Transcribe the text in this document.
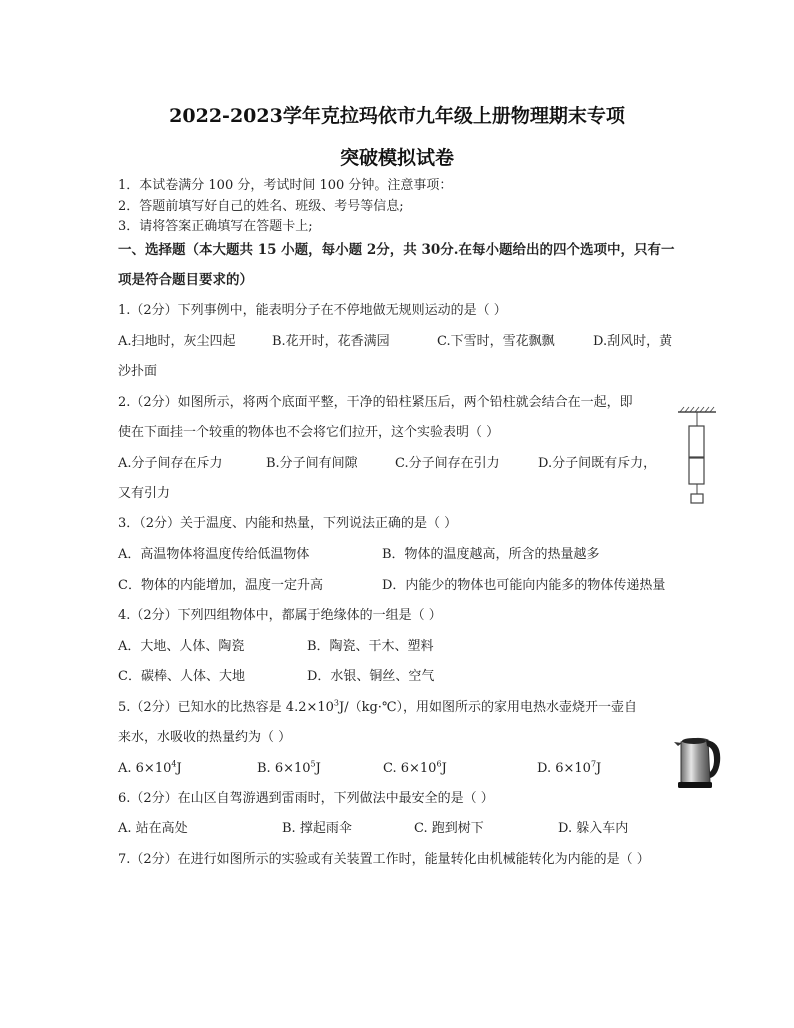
2022-2023学年克拉玛依市九年级上册物理期末专项
突破模拟试卷
1．本试卷满分 100 分，考试时间 100 分钟。注意事项：
2．答题前填写好自己的姓名、班级、考号等信息;
3．请将答案正确填写在答题卡上;
一、选择题（本大题共 15 小题，每小题 2分，共 30分.在每小题给出的四个选项中，只有一
项是符合题目要求的）
1.（2分）下列事例中，能表明分子在不停地做无规则运动的是（ ）
A.扫地时，灰尘四起	B.花开时，花香满园	C.下雪时，雪花飘飘	D.刮风时，黄
沙扑面
2.（2分）如图所示，将两个底面平整，干净的铅柱紧压后，两个铅柱就会结合在一起，即
使在下面挂一个较重的物体也不会将它们拉开，这个实验表明（ ）
A.分子间存在斥力	B.分子间有间隙	C.分子间存在引力	D.分子间既有斥力，
又有引力
3．（2分）关于温度、内能和热量，下列说法正确的是（ ）
A．高温物体将温度传给低温物体	B．物体的温度越高，所含的热量越多
C．物体的内能增加，温度一定升高	D．内能少的物体也可能向内能多的物体传递热量
4.（2分）下列四组物体中，都属于绝缘体的一组是（ ）
A．大地、人体、陶瓷	B．陶瓷、干木、塑料
C．碳棒、人体、大地	D．水银、铜丝、空气
5.（2分）已知水的比热容是 $4.2\times 10^3J/(kg\cdot℃)$，用如图所示的家用电热水壶烧开一壶自
来水，水吸收的热量约为（ ）
A. $6\times 10^4J$	B. $6\times 10^5J$	C. $6\times 10^6J$	D. $6\times 10^7J$
6.（2分）在山区自驾游遇到雷雨时，下列做法中最安全的是（ ）
A. 站在高处	B. 撑起雨伞	C. 跑到树下	D. 躲入车内
7.（2分）在进行如图所示的实验或有关装置工作时，能量转化由机械能转化为内能的是（ ）
